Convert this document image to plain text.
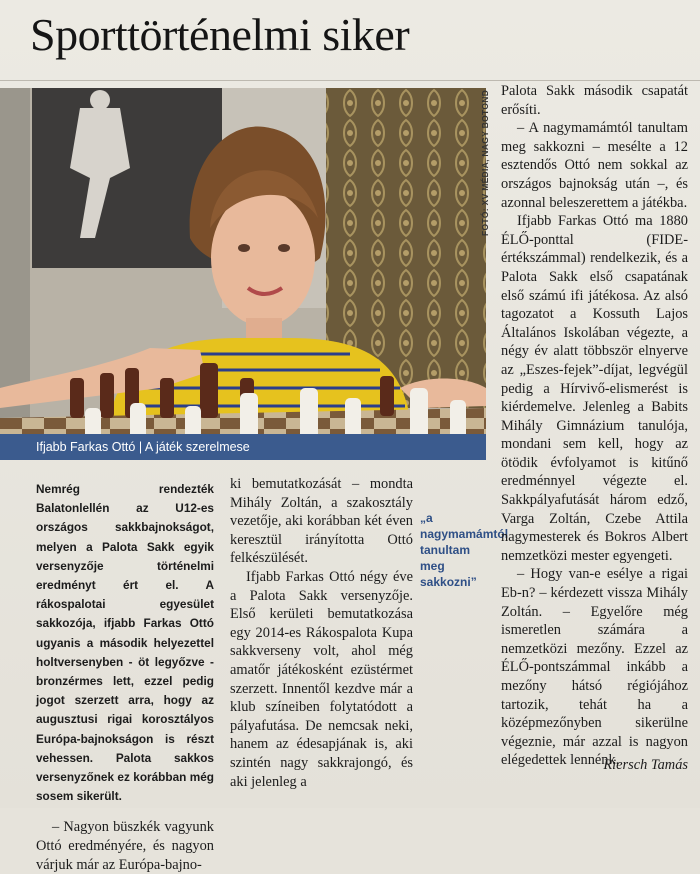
Sporttörténelmi siker
Ifjabb Farkas Ottó | A játék szerelmese
FOTÓ: XV MÉDIA, NAGY BOTOND

Nemrég rendezték Balatonlellén az U12-es országos sakkbajnokságot, melyen a Palota Sakk egyik versenyzője történelmi eredményt ért el. A rákospalotai egyesület sakkozója, ifjabb Farkas Ottó ugyanis a második helyezettel holtversenyben - öt legyőzve - bronzérmes lett, ezzel pedig jogot szerzett arra, hogy az augusztusi rigai korosztályos Európa-bajnokságon is részt vehessen. Palota sakkos versenyzőnek ez korábban még sosem sikerült.

– Nagyon büszkék vagyunk Ottó eredményére, és nagyon várjuk már az Európa-bajno-

ki bemutatkozását – mondta Mihály Zoltán, a szakosztály vezetője, aki korábban két éven keresztül irányította Ottó felkészülését.

Ifjabb Farkas Ottó négy éve a Palota Sakk versenyzője. Első kerületi bemutatkozása egy 2014-es Rákospalota Kupa sakkverseny volt, ahol még amatőr játékosként ezüstérmet szerzett. Innentől kezdve már a klub színeiben folytatódott a pályafutása. De nemcsak neki, hanem az édesapjának is, aki szintén nagy sakkrajongó, és aki jelenleg a

„a nagymamámtól tanultam meg sakkozni”

Palota Sakk második csapatát erősíti.

– A nagymamámtól tanultam meg sakkozni – mesélte a 12 esztendős Ottó nem sokkal az országos bajnokság után –, és azonnal beleszerettem a játékba.

Ifjabb Farkas Ottó ma 1880 ÉLŐ-ponttal (FIDE-értékszámmal) rendelkezik, és a Palota Sakk első csapatának első számú ifi játékosa. Az alsó tagozatot a Kossuth Lajos Általános Iskolában végezte, a négy év alatt többször elnyerve az „Eszes-fejek”-díjat, legvégül pedig a Hírvivő-elismerést is kiérdemelve. Jelenleg a Babits Mihály Gimnázium tanulója, mondani sem kell, hogy az ötödik évfolyamot is kitűnő eredménnyel végezte el. Sakkpályafutását három edző, Varga Zoltán, Czebe Attila nagymesterek és Bokros Albert nemzetközi mester egyengeti.

– Hogy van-e esélye a rigai Eb-n? – kérdezett vissza Mihály Zoltán. – Egyelőre még ismeretlen számára a nemzetközi mezőny. Ezzel az ÉLŐ-pontszámmal inkább a mezőny hátsó régiójához tartozik, tehát ha a középmezőnyben sikerülne végeznie, már azzal is nagyon elégedettek lennénk.

Riersch Tamás
